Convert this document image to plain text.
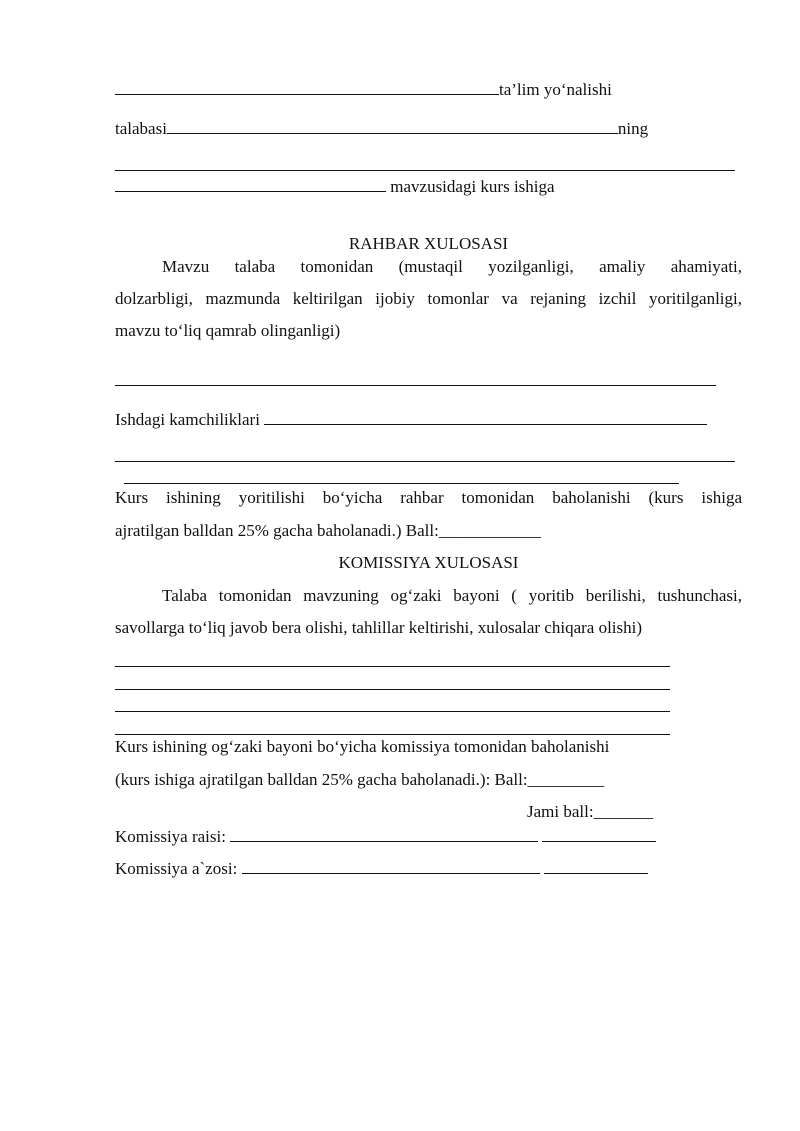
ta’lim yo‘nalishi
talabasi	ning
mavzusidagi kurs ishiga
RAHBAR XULOSASI
Mavzu talaba tomonidan (mustaqil yozilganligi, amaliy ahamiyati,
dolzarbligi, mazmunda keltirilgan ijobiy tomonlar va rejaning izchil yoritilganligi,
mavzu to‘liq qamrab olinganligi)
Ishdagi kamchiliklari
Kurs ishining yoritilishi bo‘yicha rahbar tomonidan baholanishi (kurs ishiga
ajratilgan balldan 25% gacha baholanadi.) Ball:____________
KOMISSIYA XULOSASI
Talaba tomonidan mavzuning og‘zaki bayoni ( yoritib berilishi, tushunchasi,
savollarga to‘liq javob bera olishi, tahlillar keltirishi, xulosalar chiqara olishi)
Kurs ishining og‘zaki bayoni bo‘yicha komissiya tomonidan baholanishi
(kurs ishiga ajratilgan balldan 25% gacha baholanadi.): Ball:_________
Jami ball:_______
Komissiya raisi:
Komissiya a`zosi:
